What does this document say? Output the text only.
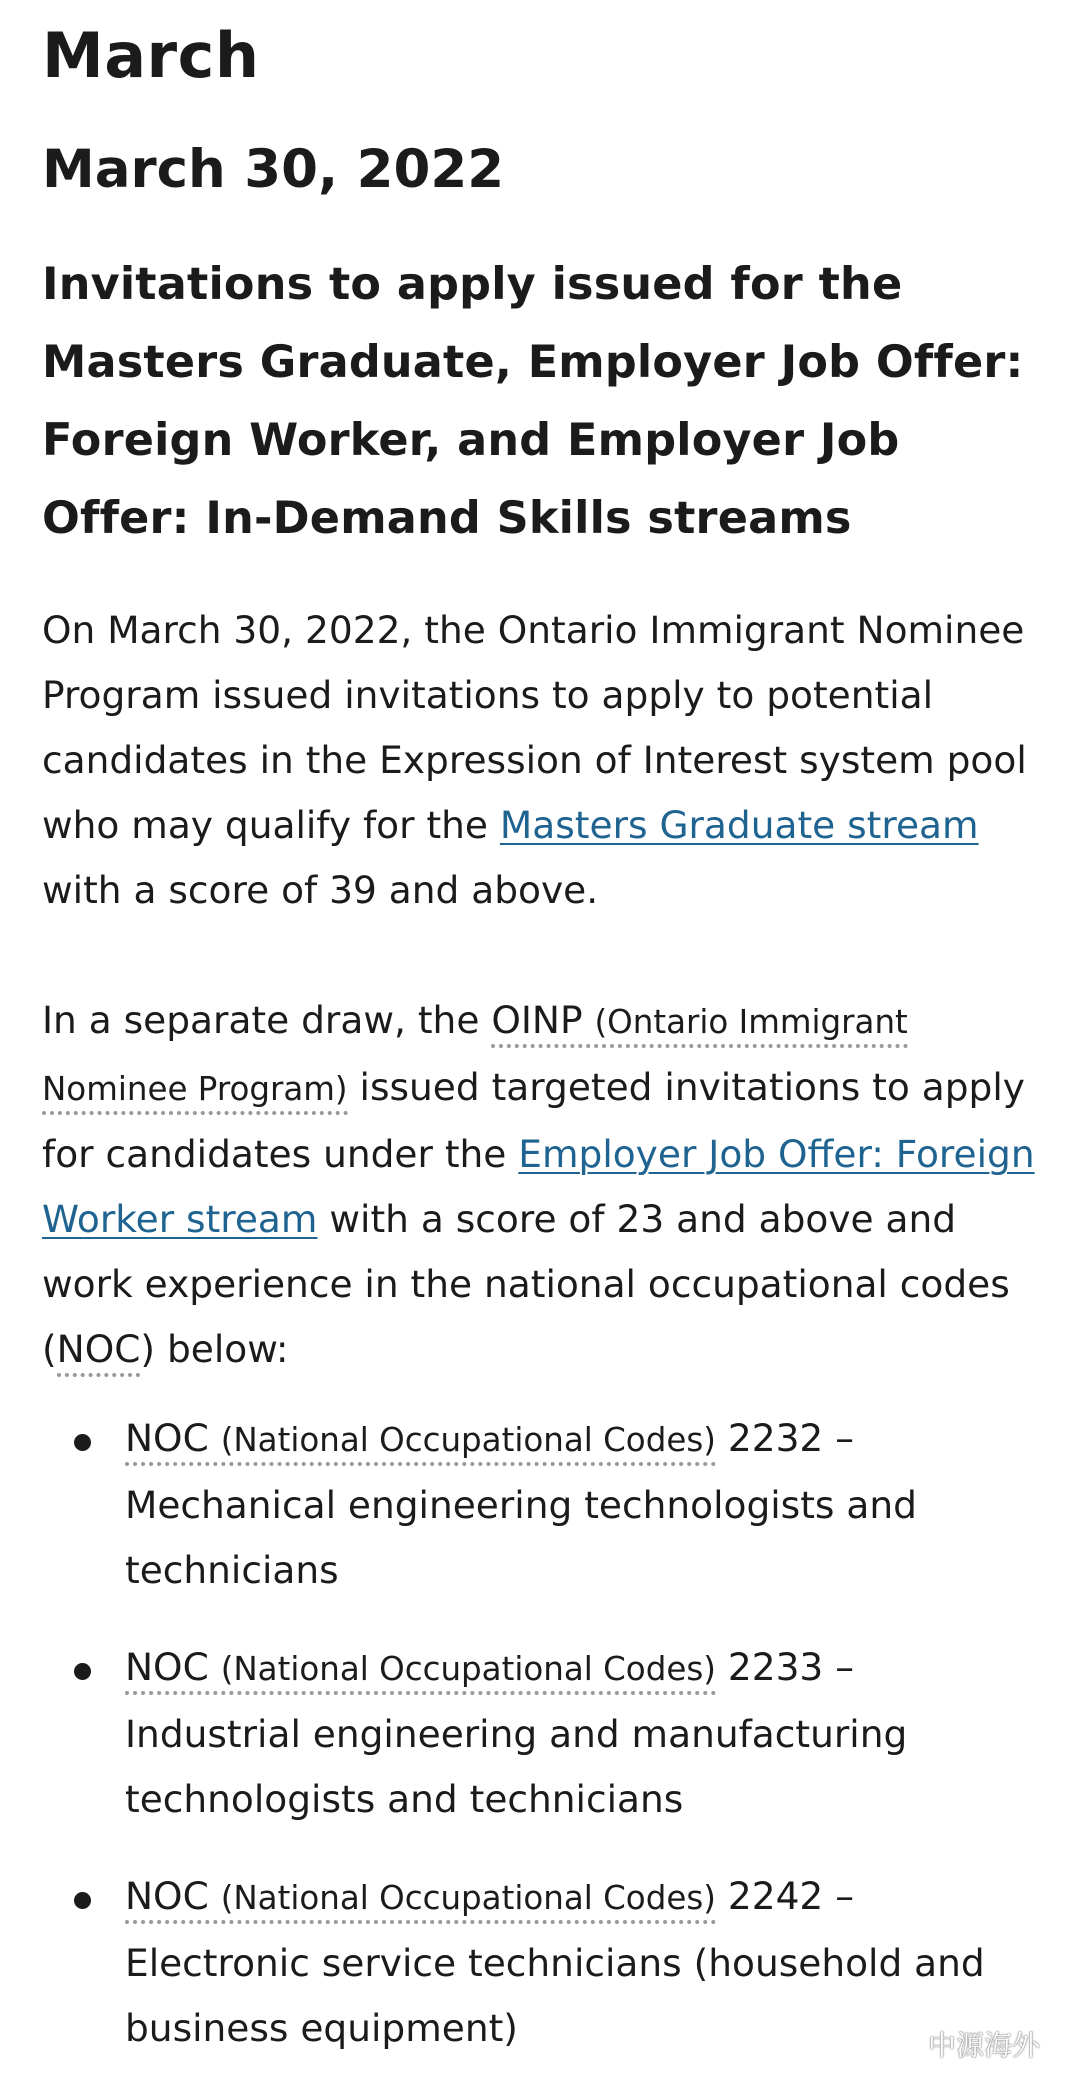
March
March 30, 2022
Invitations to apply issued for the Masters Graduate, Employer Job Offer: Foreign Worker, and Employer Job Offer: In-Demand Skills streams

On March 30, 2022, the Ontario Immigrant Nominee Program issued invitations to apply to potential candidates in the Expression of Interest system pool who may qualify for the Masters Graduate stream with a score of 39 and above.

In a separate draw, the OINP (Ontario Immigrant Nominee Program) issued targeted invitations to apply for candidates under the Employer Job Offer: Foreign Worker stream with a score of 23 and above and work experience in the national occupational codes (NOC) below:

NOC (National Occupational Codes) 2232 – Mechanical engineering technologists and technicians
NOC (National Occupational Codes) 2233 – Industrial engineering and manufacturing technologists and technicians
NOC (National Occupational Codes) 2242 – Electronic service technicians (household and business equipment)	中源海外
